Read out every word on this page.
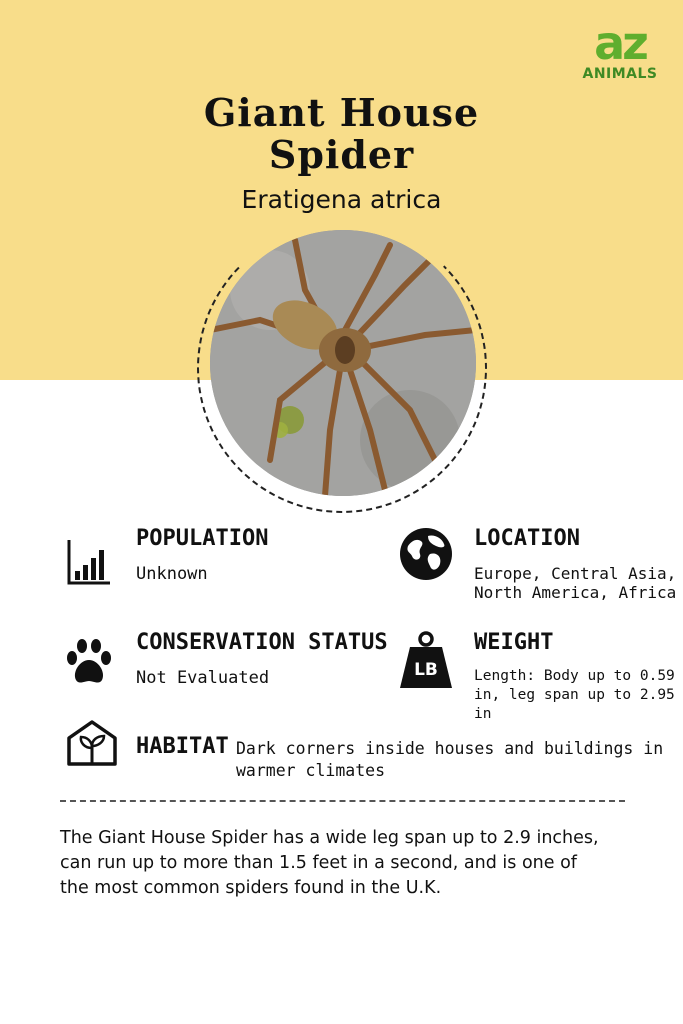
az
ANIMALS
Giant House
Spider
Eratigena atrica
POPULATION
Unknown
LOCATION
Europe, Central Asia,
North America, Africa
CONSERVATION STATUS
Not Evaluated	LB
WEIGHT
Length: Body up to 0.59
in, leg span up to 2.95 in
HABITAT Dark corners inside houses and buildings in
warmer climates
The Giant House Spider has a wide leg span up to 2.9 inches,
can run up to more than 1.5 feet in a second, and is one of
the most common spiders found in the U.K.
